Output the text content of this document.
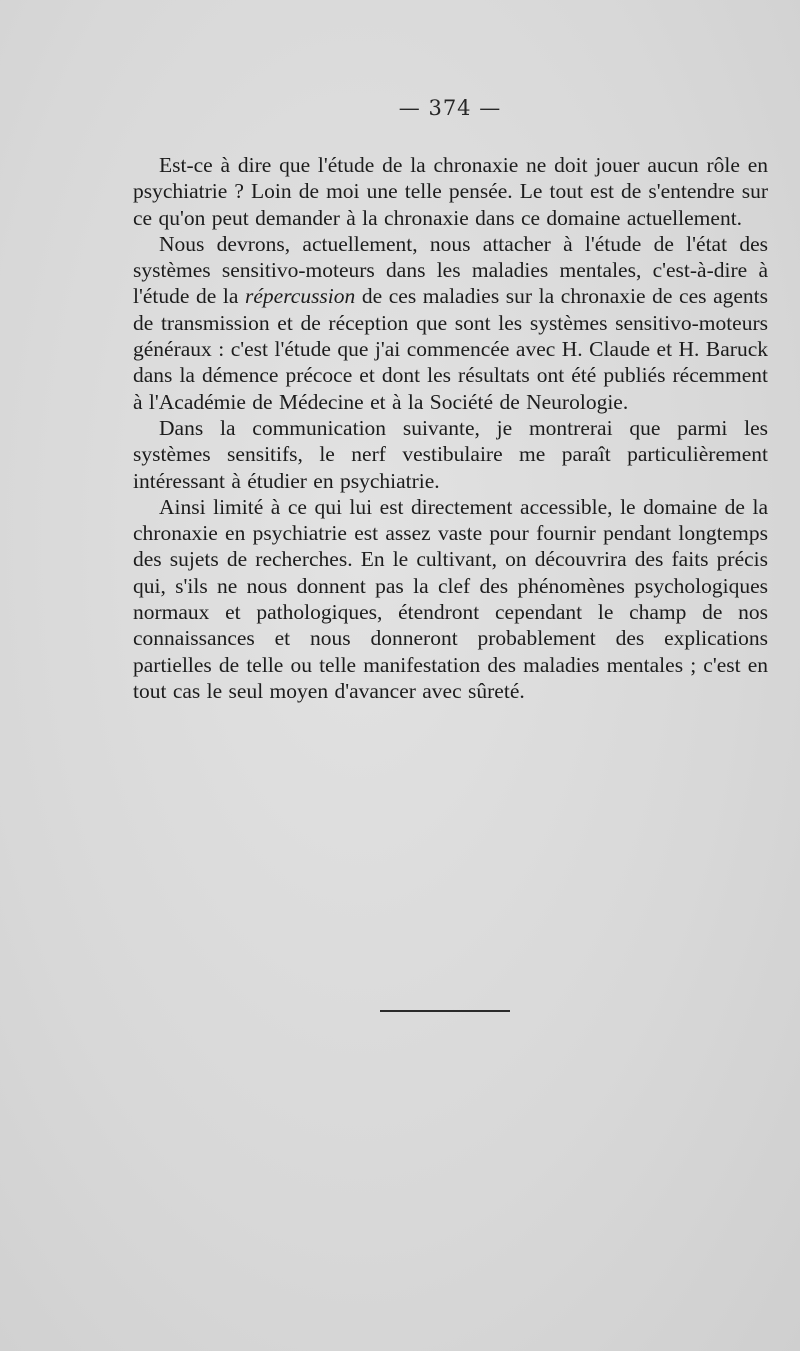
— 374 —

Est-ce à dire que l'étude de la chronaxie ne doit jouer aucun rôle en psychiatrie ? Loin de moi une telle pensée. Le tout est de s'entendre sur ce qu'on peut demander à la chronaxie dans ce domaine actuellement.

Nous devrons, actuellement, nous attacher à l'étude de l'état des systèmes sensitivo-moteurs dans les maladies mentales, c'est-à-dire à l'étude de la répercussion de ces maladies sur la chronaxie de ces agents de transmission et de réception que sont les systèmes sensitivo-moteurs généraux : c'est l'étude que j'ai commencée avec H. Claude et H. Baruck dans la démence précoce et dont les résultats ont été publiés récemment à l'Académie de Médecine et à la Société de Neurologie.

Dans la communication suivante, je montrerai que parmi les systèmes sensitifs, le nerf vestibulaire me paraît particulièrement intéressant à étudier en psychiatrie.

Ainsi limité à ce qui lui est directement accessible, le domaine de la chronaxie en psychiatrie est assez vaste pour fournir pendant longtemps des sujets de recherches. En le cultivant, on découvrira des faits précis qui, s'ils ne nous donnent pas la clef des phénomènes psychologiques normaux et pathologiques, étendront cependant le champ de nos connaissances et nous donneront probablement des explications partielles de telle ou telle manifestation des maladies mentales ; c'est en tout cas le seul moyen d'avancer avec sûreté.
